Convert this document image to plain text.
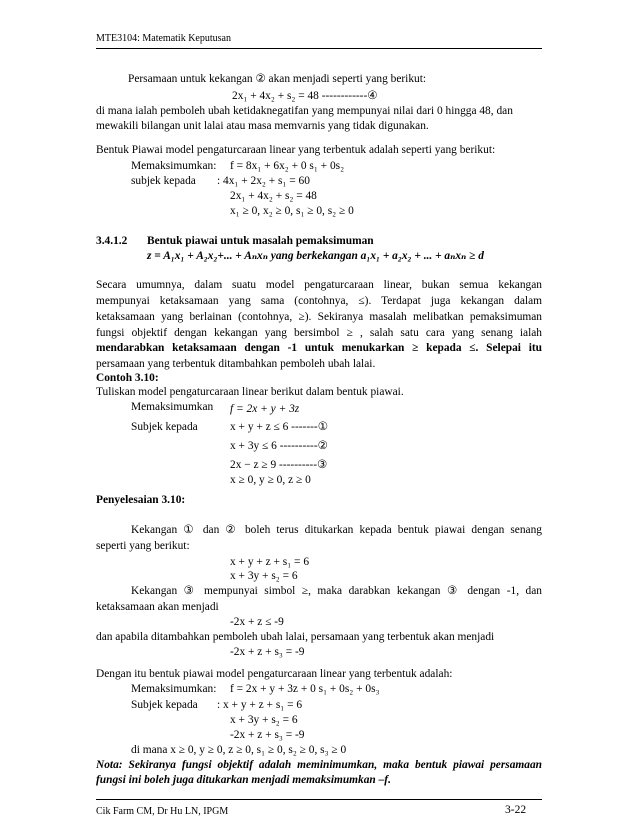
MTE3104: Matematik Keputusan
Persamaan untuk kekangan ② akan menjadi seperti yang berikut:
2x₁ + 4x₂ + s₂ = 48 ------------④
di mana ialah pemboleh ubah ketidaknegatifan yang mempunyai nilai dari 0 hingga 48, dan
mewakili bilangan unit lalai atau masa memvarnis yang tidak digunakan.
Bentuk Piawai model pengaturcaraan linear yang terbentuk adalah seperti yang berikut:
Memaksimumkan: f = 8x₁ + 6x₂ + 0 s₁ + 0s₂
subjek kepada : 4x₁ + 2x₂ + s₁ = 60
2x₁ + 4x₂ + s₂ = 48
x₁ ≥ 0, x₂ ≥ 0, s₁ ≥ 0, s₂ ≥ 0
3.4.1.2 Bentuk piawai untuk masalah pemaksimuman
z = A₁x₁ + A₂x₂+... + Aₙxₙ yang berkekangan a₁x₁ + a₂x₂ + ... + aₙxₙ ≥ d
Secara umumnya, dalam suatu model pengaturcaraan linear, bukan semua kekangan
mempunyai ketaksamaan yang sama (contohnya, ≤). Terdapat juga kekangan dalam
ketaksamaan yang berlainan (contohnya, ≥). Sekiranya masalah melibatkan pemaksimuman
fungsi objektif dengan kekangan yang bersimbol ≥ , salah satu cara yang senang ialah
mendarabkan ketaksamaan dengan -1 untuk menukarkan ≥ kepada ≤. Selepai itu
persamaan yang terbentuk ditambahkan pemboleh ubah lalai.
Contoh 3.10:
Tuliskan model pengaturcaraan linear berikut dalam bentuk piawai.
Memaksimumkan f = 2x + y + 3z
Subjek kepada	x + y + z ≤ 6 -------①
x + 3y ≤ 6 ----------②
2x − z ≥ 9 ----------③
x ≥ 0, y ≥ 0, z ≥ 0
Penyelesaian 3.10:
Kekangan ① dan ② boleh terus ditukarkan kepada bentuk piawai dengan senang
seperti yang berikut:
x + y + z + s₁ = 6
x + 3y + s₂ = 6
Kekangan ③ mempunyai simbol ≥, maka darabkan kekangan ③ dengan -1, dan
ketaksamaan akan menjadi
-2x + z ≤ -9
dan apabila ditambahkan pemboleh ubah lalai, persamaan yang terbentuk akan menjadi
-2x + z + s₃ = -9
Dengan itu bentuk piawai model pengaturcaraan linear yang terbentuk adalah:
Memaksimumkan: f = 2x + y + 3z + 0 s₁ + 0s₂ + 0s₃
Subjek kepada : x + y + z + s₁ = 6
x + 3y + s₂ = 6
-2x + z + s₃ = -9
di mana x ≥ 0, y ≥ 0, z ≥ 0, s₁ ≥ 0, s₂ ≥ 0, s₃ ≥ 0
Nota: Sekiranya fungsi objektif adalah meminimumkan, maka bentuk piawai persamaan
fungsi ini boleh juga ditukarkan menjadi memaksimumkan –f.
Cik Farm CM, Dr Hu LN, IPGM	3-22
